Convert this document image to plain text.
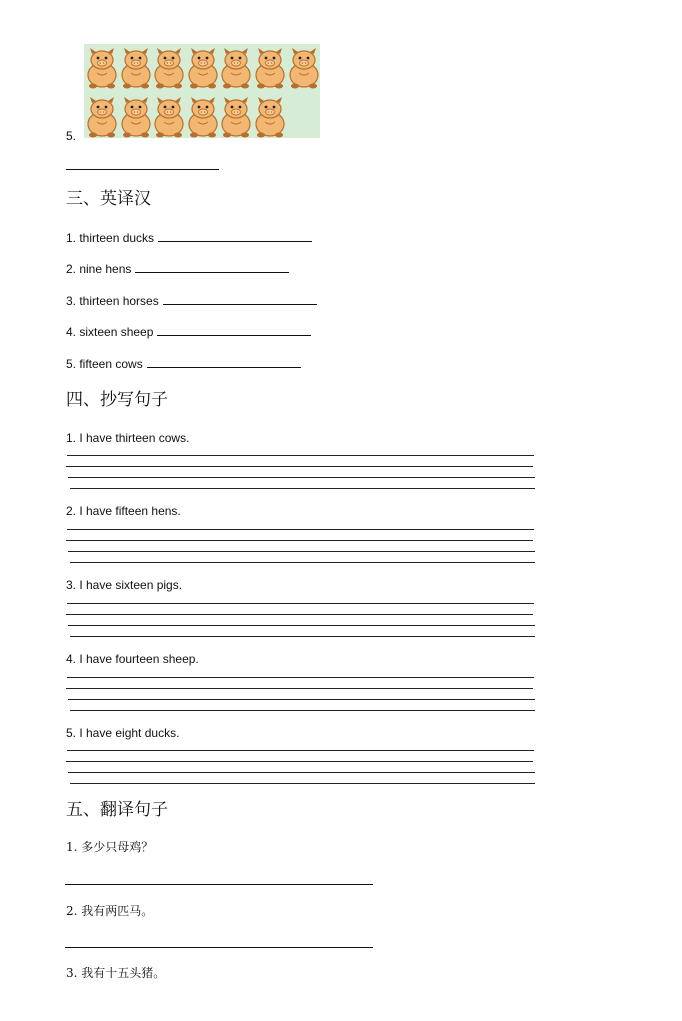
5.
三、英译汉
1. thirteen ducks
2. nine hens
3. thirteen horses
4. sixteen sheep
5. fifteen cows
四、抄写句子
1. I have thirteen cows.
2. I have fifteen hens.
3. I have sixteen pigs.
4. I have fourteen sheep.
5. I have eight ducks.
五、翻译句子
1. 多少只母鸡？
2. 我有两匹马。
3. 我有十五头猪。
